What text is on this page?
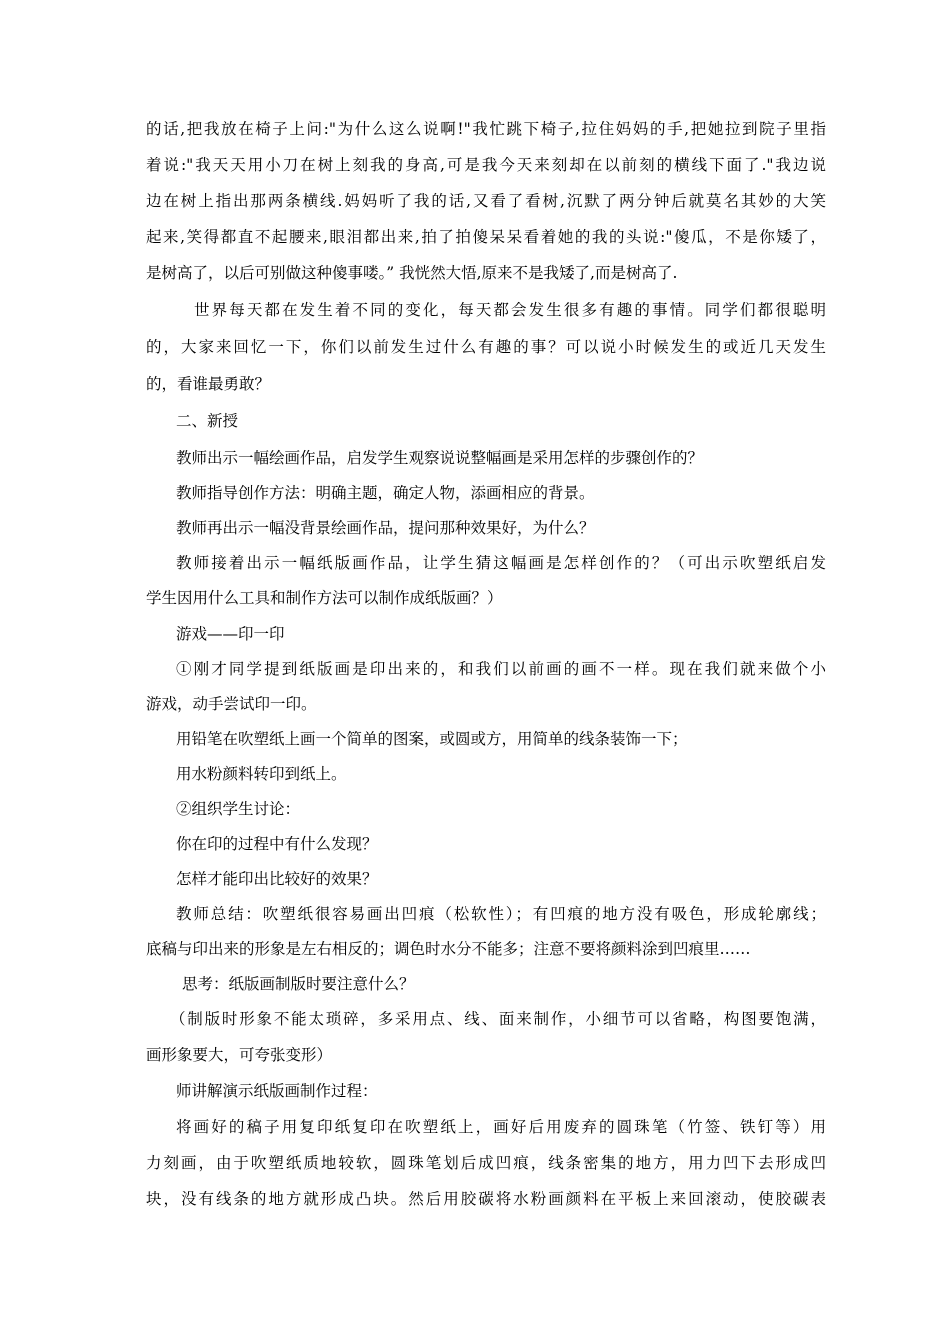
的话,把我放在椅子上问:"为什么这么说啊!"我忙跳下椅子,拉住妈妈的手,把她拉到院子里指
着说:"我天天用小刀在树上刻我的身高,可是我今天来刻却在以前刻的横线下面了."我边说
边在树上指出那两条横线.妈妈听了我的话,又看了看树,沉默了两分钟后就莫名其妙的大笑
起来,笑得都直不起腰来,眼泪都出来,拍了拍傻呆呆看着她的我的头说:"傻瓜，不是你矮了，
是树高了，以后可别做这种傻事喽。” 我恍然大悟,原来不是我矮了,而是树高了.
世界每天都在发生着不同的变化，每天都会发生很多有趣的事情。同学们都很聪明
的，大家来回忆一下，你们以前发生过什么有趣的事？可以说小时候发生的或近几天发生
的，看谁最勇敢？
二、新授
教师出示一幅绘画作品，启发学生观察说说整幅画是采用怎样的步骤创作的？
教师指导创作方法：明确主题，确定人物，添画相应的背景。
教师再出示一幅没背景绘画作品，提问那种效果好，为什么？
教师接着出示一幅纸版画作品，让学生猜这幅画是怎样创作的？（可出示吹塑纸启发
学生因用什么工具和制作方法可以制作成纸版画？）
游戏——印一印
①刚才同学提到纸版画是印出来的，和我们以前画的画不一样。现在我们就来做个小
游戏，动手尝试印一印。
用铅笔在吹塑纸上画一个简单的图案，或圆或方，用简单的线条装饰一下；
用水粉颜料转印到纸上。
②组织学生讨论：
你在印的过程中有什么发现？
怎样才能印出比较好的效果？
教师总结：吹塑纸很容易画出凹痕（松软性）；有凹痕的地方没有吸色，形成轮廓线；
底稿与印出来的形象是左右相反的；调色时水分不能多；注意不要将颜料涂到凹痕里……
思考：纸版画制版时要注意什么？
（制版时形象不能太琐碎，多采用点、线、面来制作，小细节可以省略，构图要饱满，
画形象要大，可夸张变形）
师讲解演示纸版画制作过程：
将画好的稿子用复印纸复印在吹塑纸上，画好后用废弃的圆珠笔（竹签、铁钉等）用
力刻画，由于吹塑纸质地较软，圆珠笔划后成凹痕，线条密集的地方，用力凹下去形成凹
块，没有线条的地方就形成凸块。然后用胶碳将水粉画颜料在平板上来回滚动，使胶碳表
